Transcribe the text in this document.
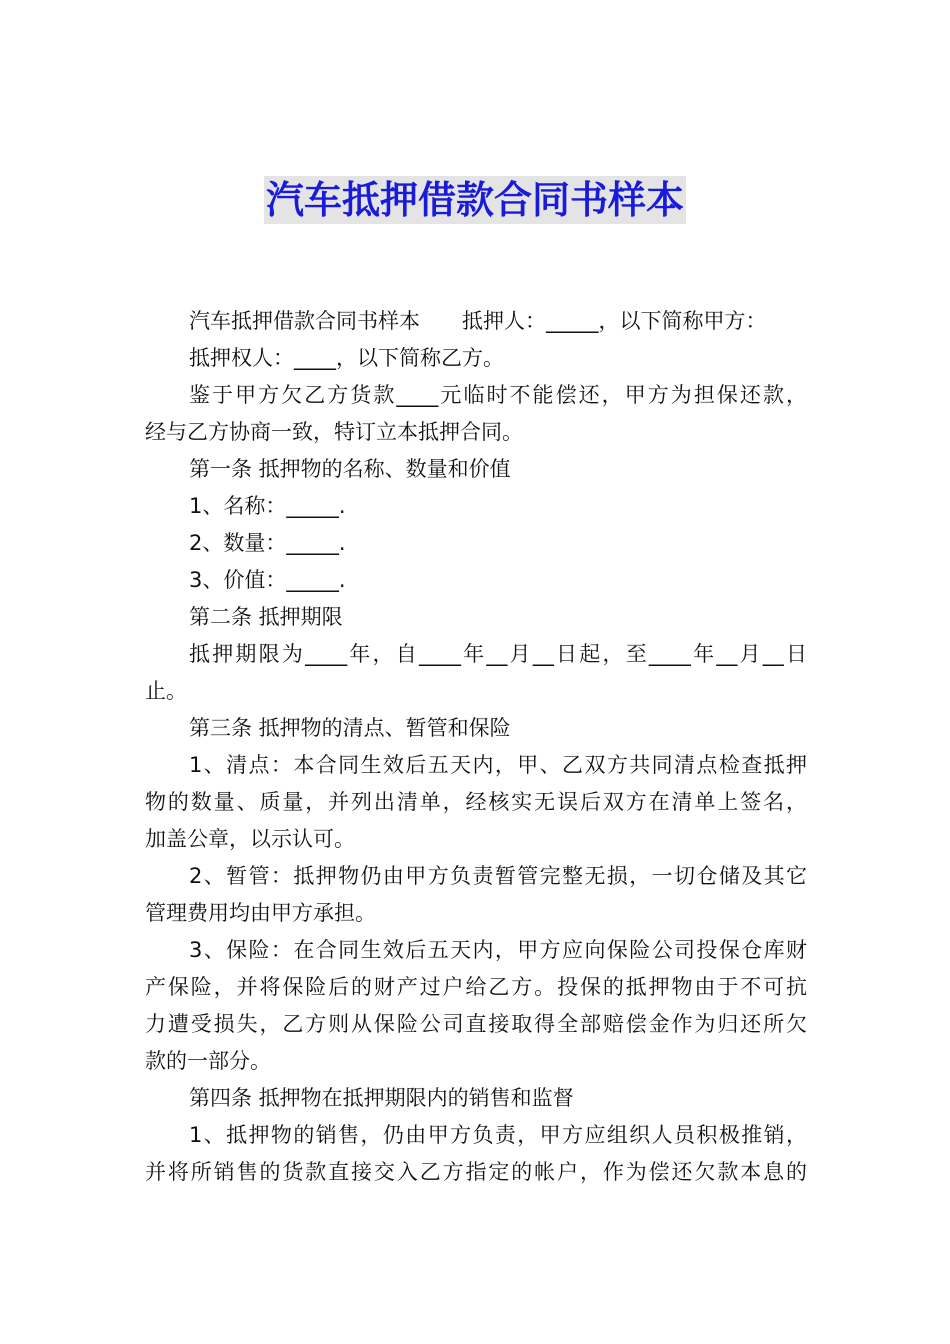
汽车抵押借款合同书样本

汽车抵押借款合同书样本　　抵押人：_____，以下简称甲方：

抵押权人：____，以下简称乙方。

鉴于甲方欠乙方货款____元临时不能偿还，甲方为担保还款，

经与乙方协商一致，特订立本抵押合同。

第一条 抵押物的名称、数量和价值

1、名称：_____.

2、数量：_____.

3、价值：_____.

第二条 抵押期限

抵押期限为____年，自____年__月__日起，至____年__月__日

止。

第三条 抵押物的清点、暂管和保险

1、清点：本合同生效后五天内，甲、乙双方共同清点检查抵押

物的数量、质量，并列出清单，经核实无误后双方在清单上签名，

加盖公章，以示认可。

2、暂管：抵押物仍由甲方负责暂管完整无损，一切仓储及其它

管理费用均由甲方承担。

3、保险：在合同生效后五天内，甲方应向保险公司投保仓库财

产保险，并将保险后的财产过户给乙方。投保的抵押物由于不可抗

力遭受损失，乙方则从保险公司直接取得全部赔偿金作为归还所欠

款的一部分。

第四条 抵押物在抵押期限内的销售和监督

1、抵押物的销售，仍由甲方负责，甲方应组织人员积极推销，

并将所销售的货款直接交入乙方指定的帐户，作为偿还欠款本息的
